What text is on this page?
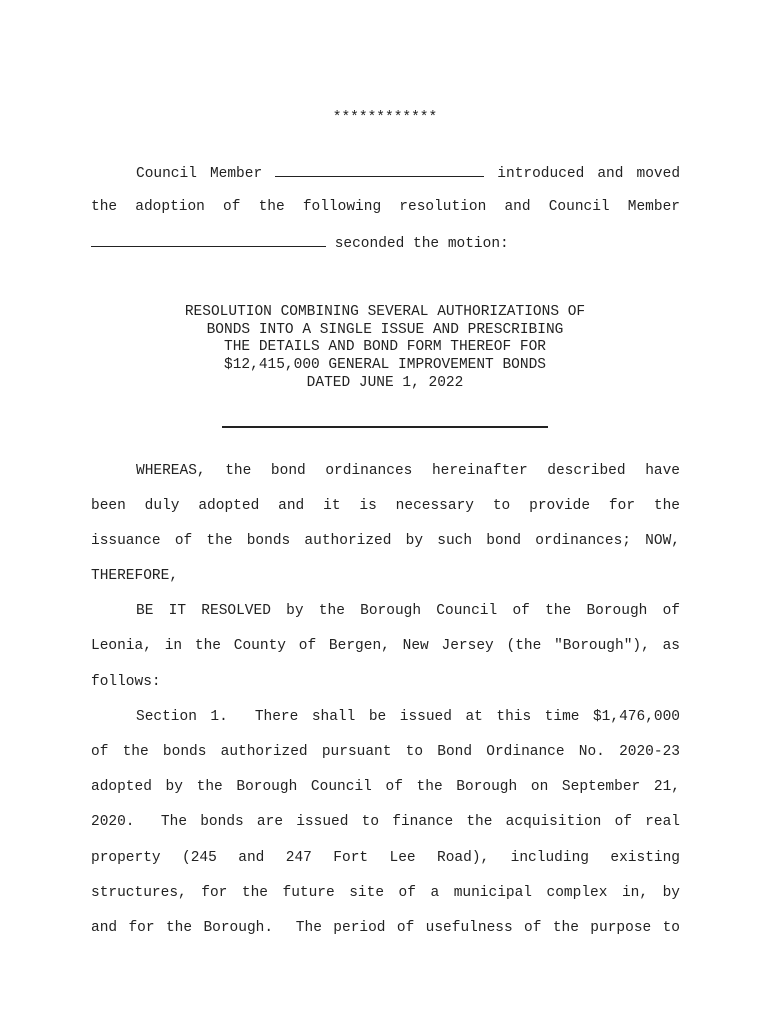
************
Council Member	introduced and moved
the adoption of the following resolution and Council Member
seconded the motion:
RESOLUTION COMBINING SEVERAL AUTHORIZATIONS OF
BONDS INTO A SINGLE ISSUE AND PRESCRIBING
THE DETAILS AND BOND FORM THEREOF FOR
$12,415,000 GENERAL IMPROVEMENT BONDS
DATED JUNE 1, 2022
WHEREAS, the bond ordinances hereinafter described have
been duly adopted and it is necessary to provide for the
issuance of the bonds authorized by such bond ordinances; NOW,
THEREFORE,
BE IT RESOLVED by the Borough Council of the Borough of
Leonia, in the County of Bergen, New Jersey (the "Borough"), as
follows:
Section 1.  There shall be issued at this time $1,476,000
of the bonds authorized pursuant to Bond Ordinance No. 2020-23
adopted by the Borough Council of the Borough on September 21,
2020.  The bonds are issued to finance the acquisition of real
property (245 and 247 Fort Lee Road), including existing
structures, for the future site of a municipal complex in, by
and for the Borough.  The period of usefulness of the purpose to
